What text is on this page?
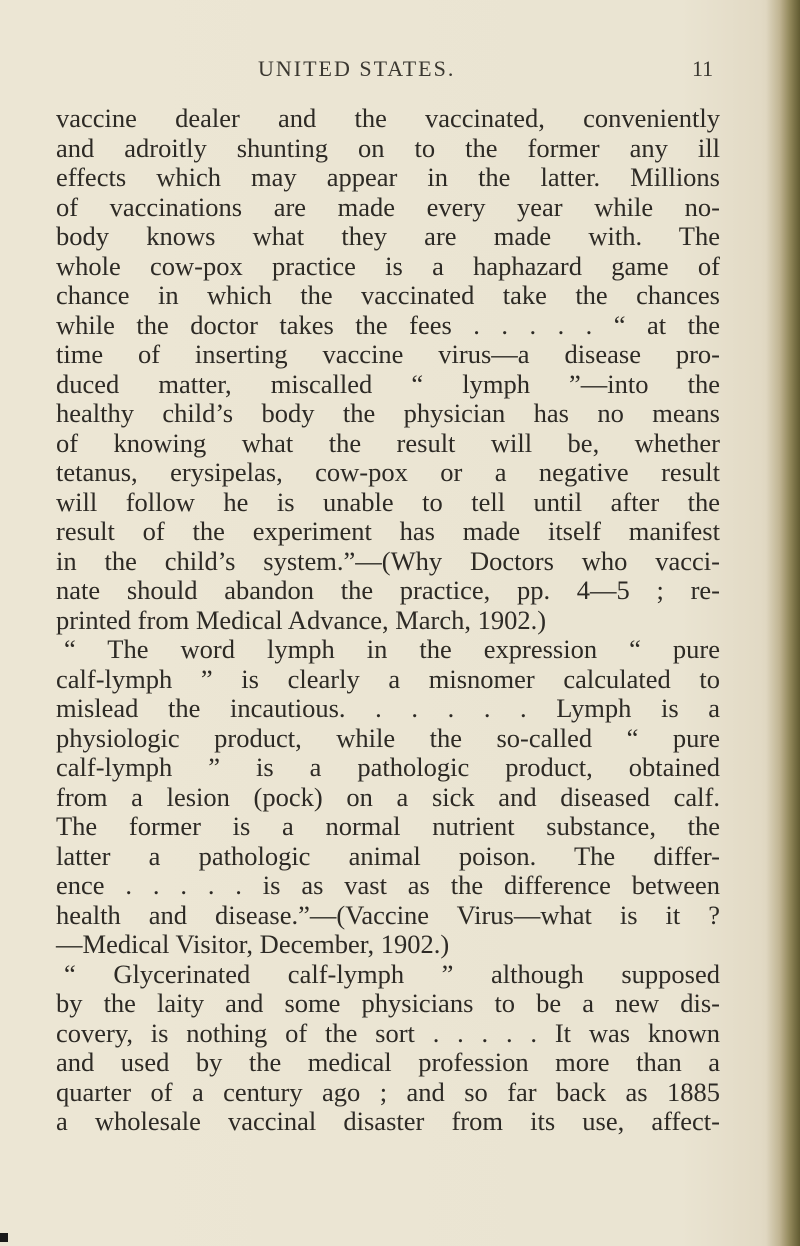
UNITED STATES.	11
vaccine dealer and the vaccinated, conveniently
and adroitly shunting on to the former any ill
effects which may appear in the latter. Millions
of vaccinations are made every year while no-
body knows what they are made with. The
whole cow-pox practice is a haphazard game of
chance in which the vaccinated take the chances
while the doctor takes the fees . . . . . “ at the
time of inserting vaccine virus—a disease pro-
duced matter, miscalled “ lymph ”—into the
healthy child’s body the physician has no means
of knowing what the result will be, whether
tetanus, erysipelas, cow-pox or a negative result
will follow he is unable to tell until after the
result of the experiment has made itself manifest
in the child’s system.”—(Why Doctors who vacci-
nate should abandon the practice, pp. 4—5 ; re-
printed from Medical Advance, March, 1902.)
“ The word lymph in the expression “ pure
calf-lymph ” is clearly a misnomer calculated to
mislead the incautious. . . . . . Lymph is a
physiologic product, while the so-called “ pure
calf-lymph ” is a pathologic product, obtained
from a lesion (pock) on a sick and diseased calf.
The former is a normal nutrient substance, the
latter a pathologic animal poison. The differ-
ence . . . . . is as vast as the difference between
health and disease.”—(Vaccine Virus—what is it ?
—Medical Visitor, December, 1902.)
“ Glycerinated calf-lymph ” although supposed
by the laity and some physicians to be a new dis-
covery, is nothing of the sort . . . . . It was known
and used by the medical profession more than a
quarter of a century ago ; and so far back as 1885
a wholesale vaccinal disaster from its use, affect-
